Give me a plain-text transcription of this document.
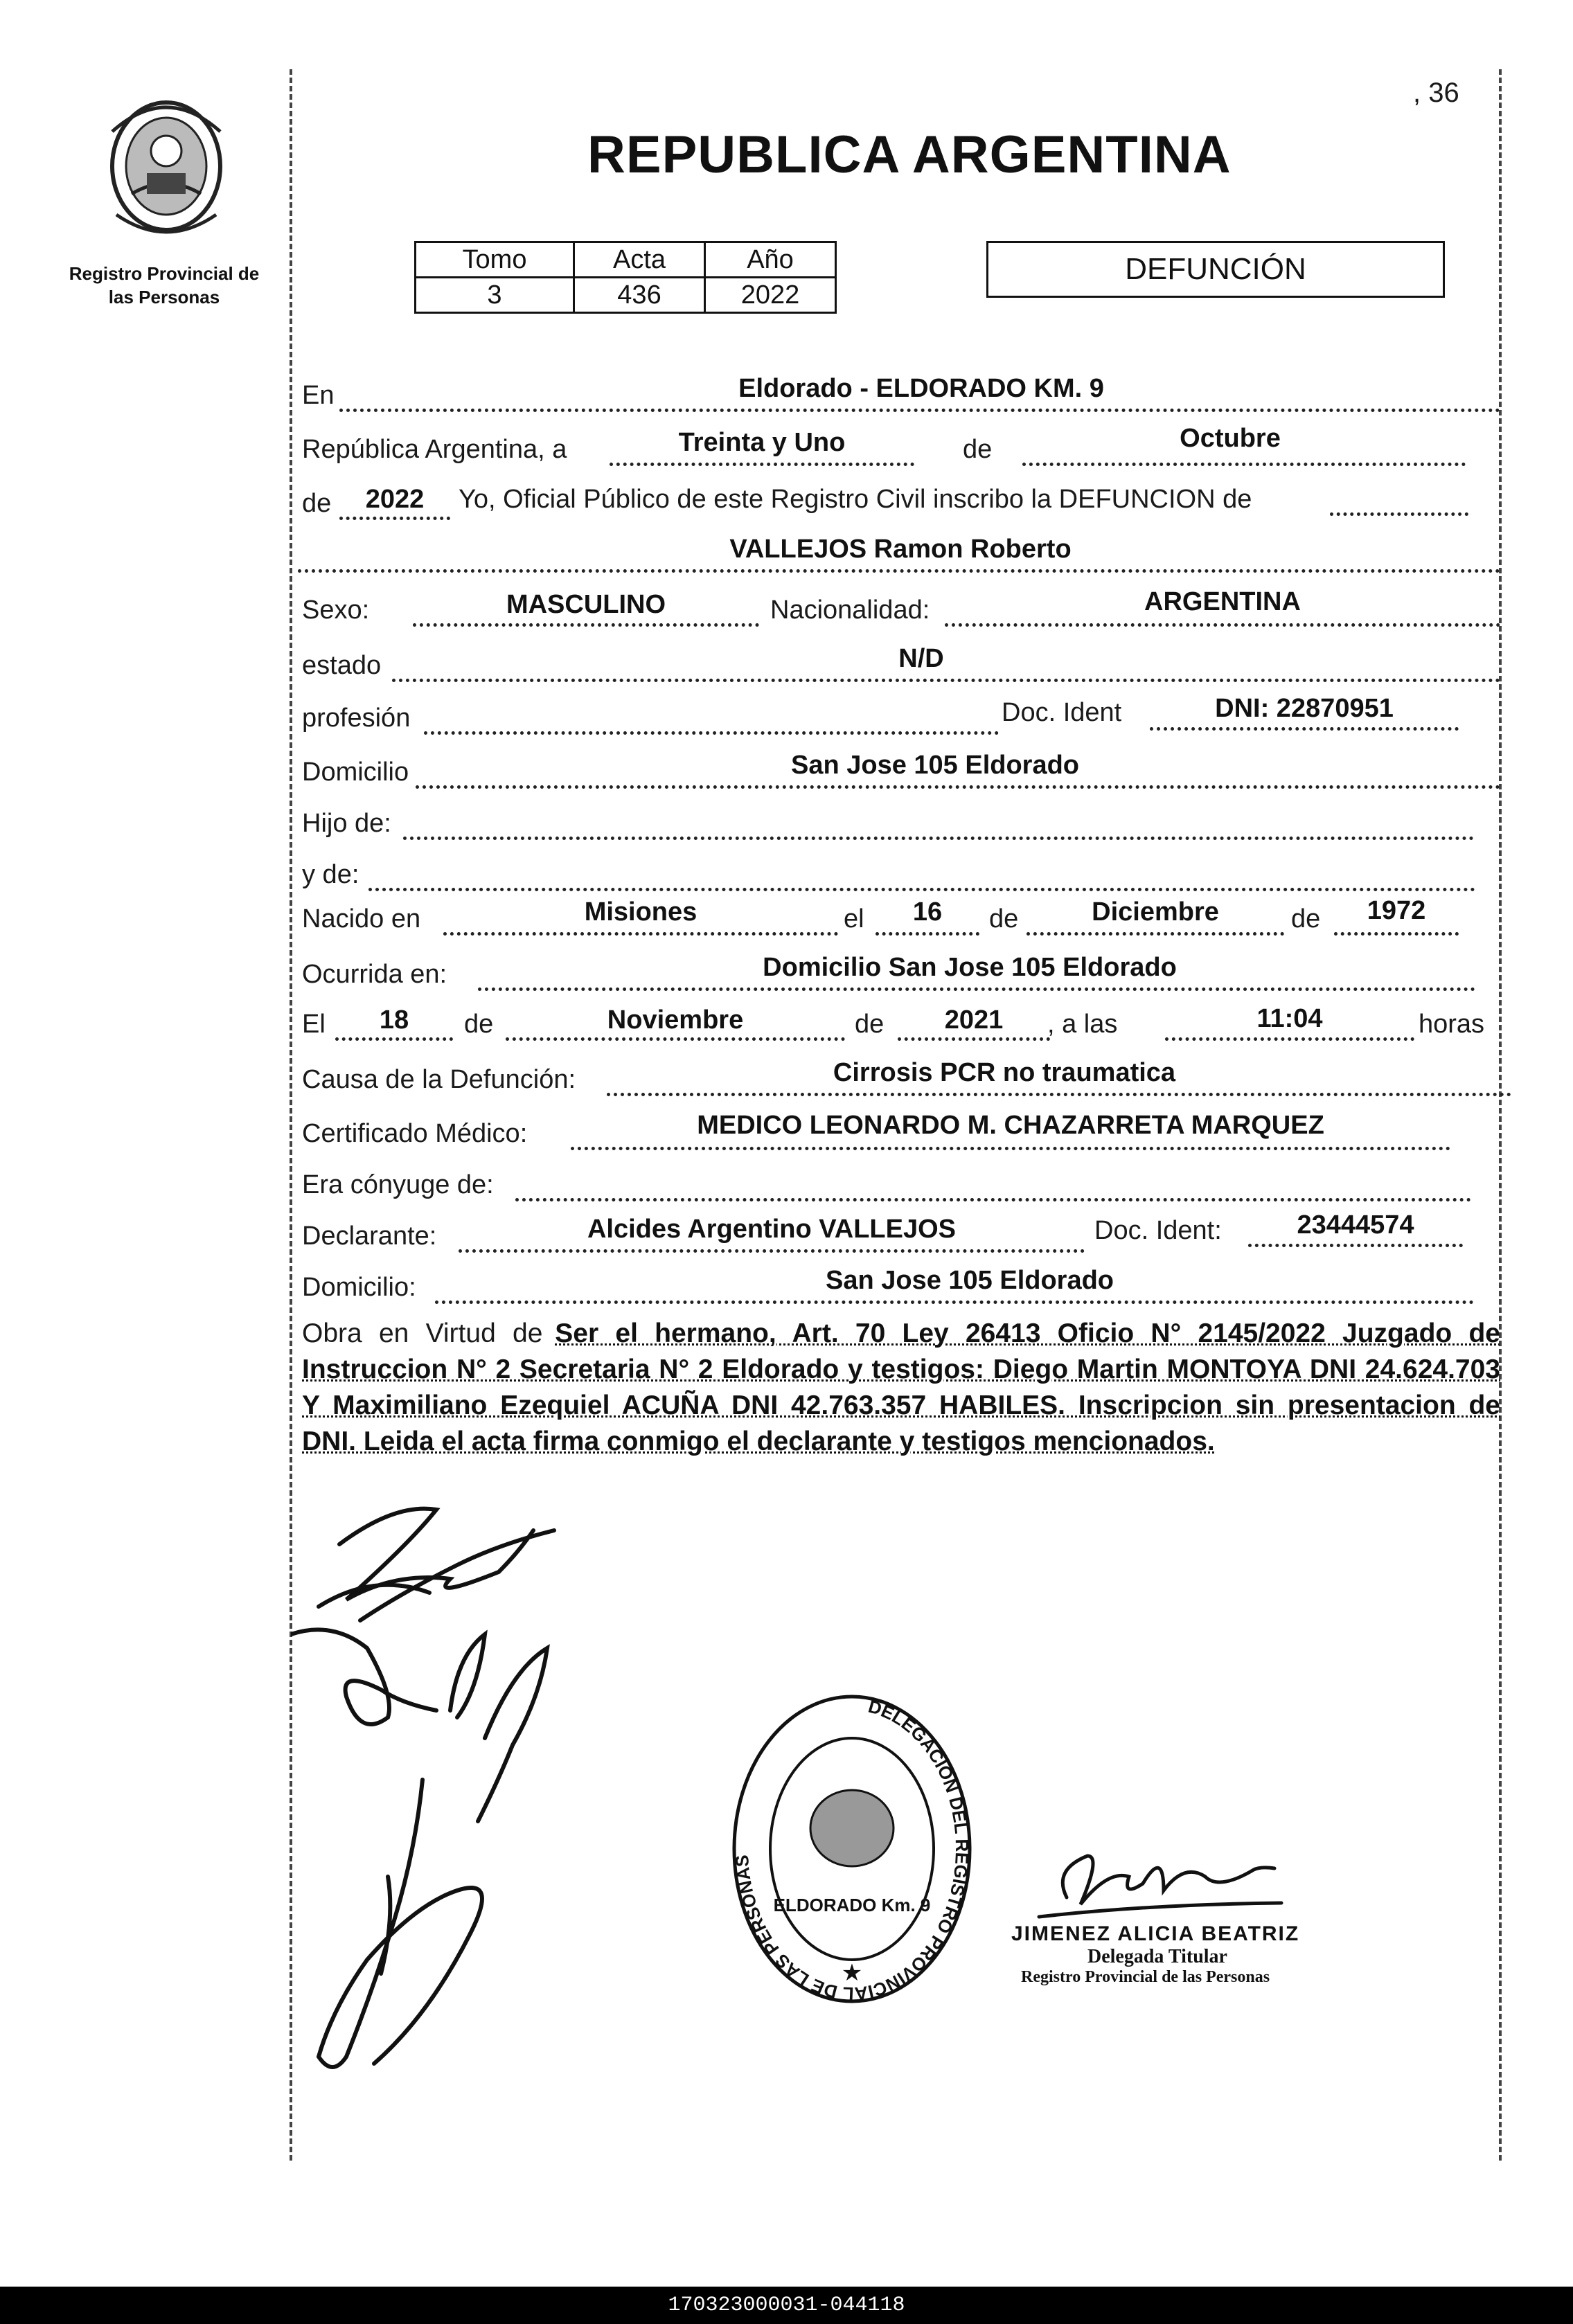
, 36
Registro Provincial de
las Personas
REPUBLICA ARGENTINA
Tomo	Acta	Año
3	436	2022
DEFUNCIÓN
En	Eldorado - ELDORADO KM. 9
República Argentina, a	Treinta y Uno	de	Octubre
de	2022	Yo, Oficial Público de este Registro Civil inscribo la DEFUNCION de
VALLEJOS Ramon Roberto
Sexo:	MASCULINO	Nacionalidad:	ARGENTINA
estado	N/D
profesión	Doc. Ident	DNI: 22870951
Domicilio	San Jose 105 Eldorado
Hijo de:
y de:
Nacido en	Misiones	el	16	de	Diciembre	de	1972
Ocurrida en:	Domicilio San Jose 105 Eldorado
El	18	de	Noviembre	de	2021	, a las	11:04	horas
Causa de la Defunción:	Cirrosis PCR no traumatica
Certificado Médico:	MEDICO LEONARDO M. CHAZARRETA MARQUEZ
Era cónyuge de:
Declarante:	Alcides Argentino VALLEJOS	Doc. Ident:	23444574
Domicilio:	San Jose 105 Eldorado
Obra en Virtud de Ser el hermano, Art. 70 Ley 26413 Oficio N° 2145/2022 Juzgado de Instruccion N° 2 Secretaria N° 2 Eldorado y testigos: Diego Martin MONTOYA DNI 24.624.703 Y Maximiliano Ezequiel ACUÑA DNI 42.763.357 HABILES. Inscripcion sin presentacion de DNI. Leida el acta firma conmigo el declarante y testigos mencionados.
DELEGACION DEL REGISTRO PROVINCIAL DE LAS PERSONAS
ELDORADO Km. 9
★
JIMENEZ ALICIA BEATRIZ
Delegada Titular
Registro Provincial de las Personas
170323000031-044118
